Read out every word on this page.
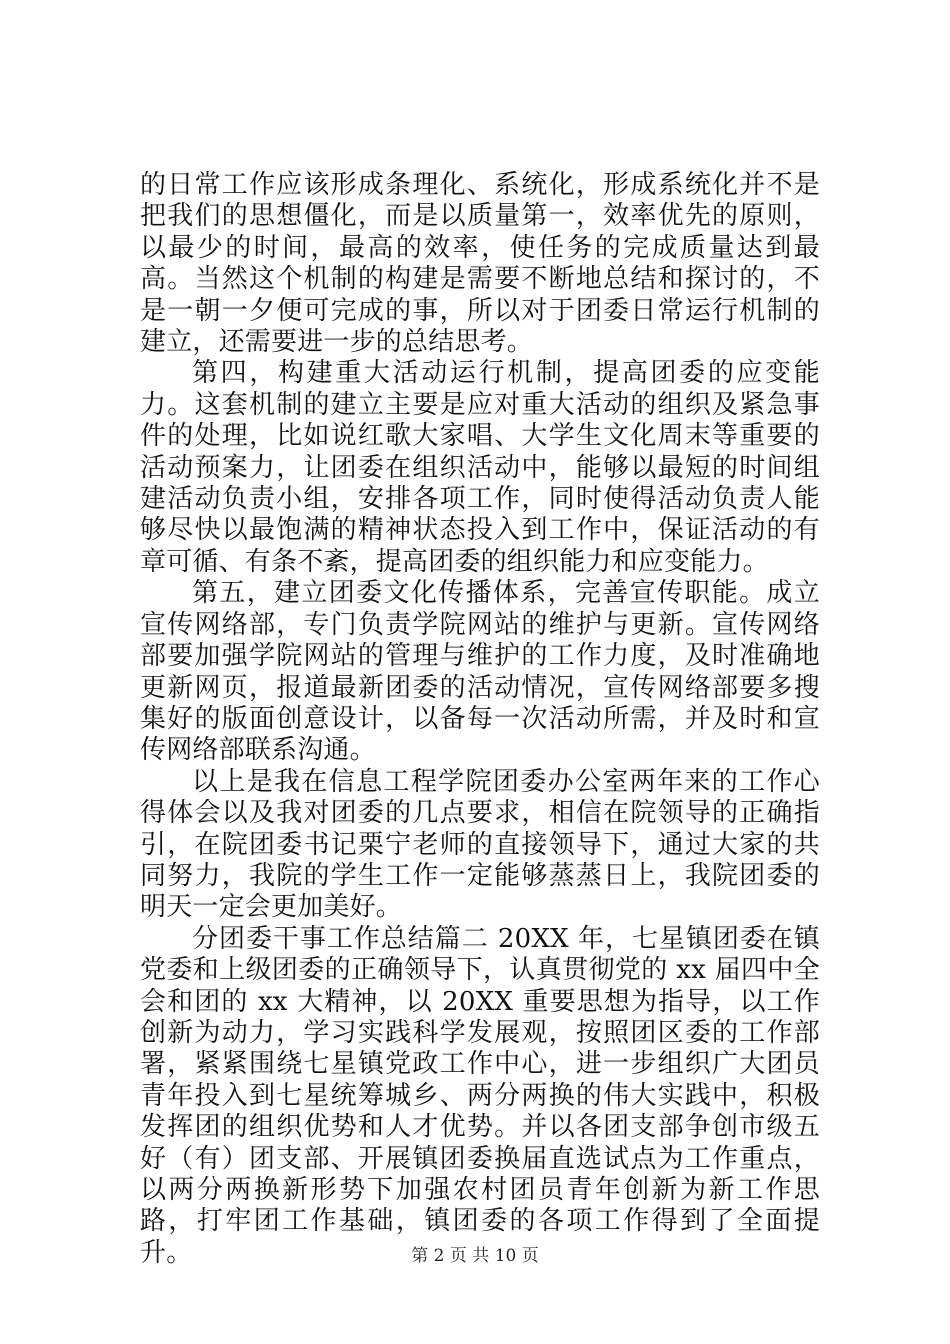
的日常工作应该形成条理化、系统化，形成系统化并不是把我们的思想僵化，而是以质量第一，效率优先的原则，以最少的时间，最高的效率，使任务的完成质量达到最高。当然这个机制的构建是需要不断地总结和探讨的，不是一朝一夕便可完成的事，所以对于团委日常运行机制的建立，还需要进一步的总结思考。

第四，构建重大活动运行机制，提高团委的应变能力。这套机制的建立主要是应对重大活动的组织及紧急事件的处理，比如说红歌大家唱、大学生文化周末等重要的活动预案力，让团委在组织活动中，能够以最短的时间组建活动负责小组，安排各项工作，同时使得活动负责人能够尽快以最饱满的精神状态投入到工作中，保证活动的有章可循、有条不紊，提高团委的组织能力和应变能力。

第五，建立团委文化传播体系，完善宣传职能。成立宣传网络部，专门负责学院网站的维护与更新。宣传网络部要加强学院网站的管理与维护的工作力度，及时准确地更新网页，报道最新团委的活动情况，宣传网络部要多搜集好的版面创意设计，以备每一次活动所需，并及时和宣传网络部联系沟通。

以上是我在信息工程学院团委办公室两年来的工作心得体会以及我对团委的几点要求，相信在院领导的正确指引，在院团委书记栗宁老师的直接领导下，通过大家的共同努力，我院的学生工作一定能够蒸蒸日上，我院团委的明天一定会更加美好。

分团委干事工作总结篇二 20XX 年，七星镇团委在镇党委和上级团委的正确领导下，认真贯彻党的 xx 届四中全会和团的 xx 大精神，以 20XX 重要思想为指导，以工作创新为动力，学习实践科学发展观，按照团区委的工作部署，紧紧围绕七星镇党政工作中心，进一步组织广大团员青年投入到七星统筹城乡、两分两换的伟大实践中，积极发挥团的组织优势和人才优势。并以各团支部争创市级五好（有）团支部、开展镇团委换届直选试点为工作重点，以两分两换新形势下加强农村团员青年创新为新工作思路，打牢团工作基础，镇团委的各项工作得到了全面提升。	第 2 页 共 10 页
